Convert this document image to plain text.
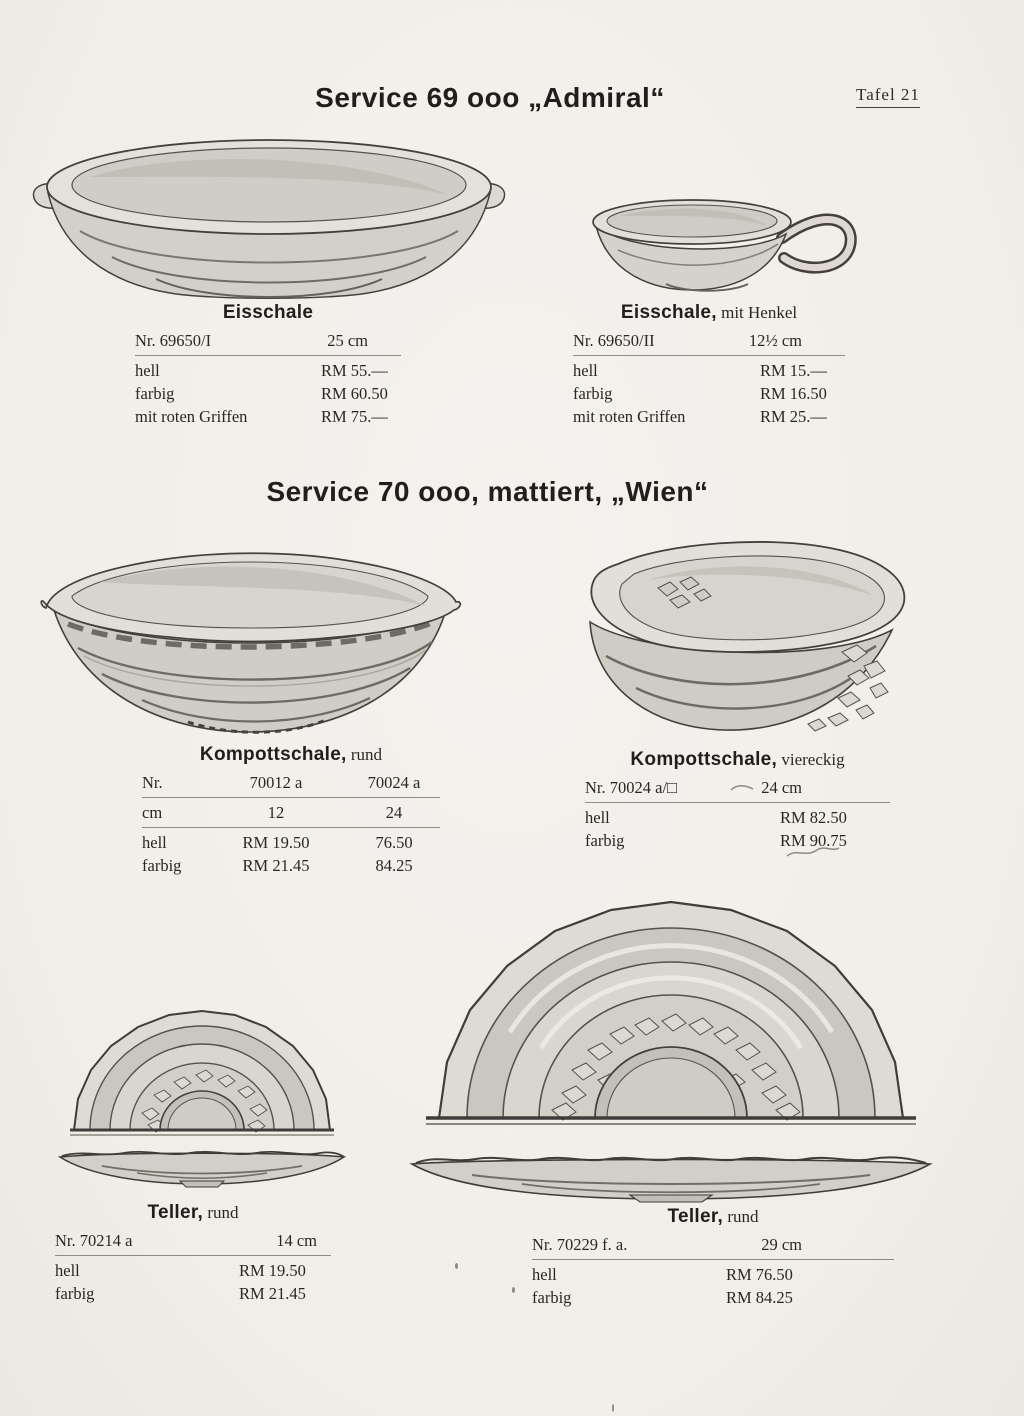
Service 69 ooo „Admiral“	Tafel 21
Eisschale
Nr. 69650/I	25 cm
hell	RM 55.—
farbig	RM 60.50
mit roten Griffen	RM 75.—
Eisschale, mit Henkel
Nr. 69650/II	12½ cm
hell	RM 15.—
farbig	RM 16.50
mit roten Griffen	RM 25.—
Service 70 ooo, mattiert, „Wien“
Kompottschale, rund
Nr.	70012 a	70024 a
cm	12	24
hell	RM 19.50	76.50
farbig	RM 21.45	84.25
Kompottschale, viereckig
Nr. 70024 a/□	24 cm
hell	RM 82.50
farbig	RM 90.75
Teller, rund
Nr. 70214 a	14 cm
hell	RM 19.50
farbig	RM 21.45
Teller, rund
Nr. 70229 f. a.	29 cm
hell	RM 76.50
farbig	RM 84.25
